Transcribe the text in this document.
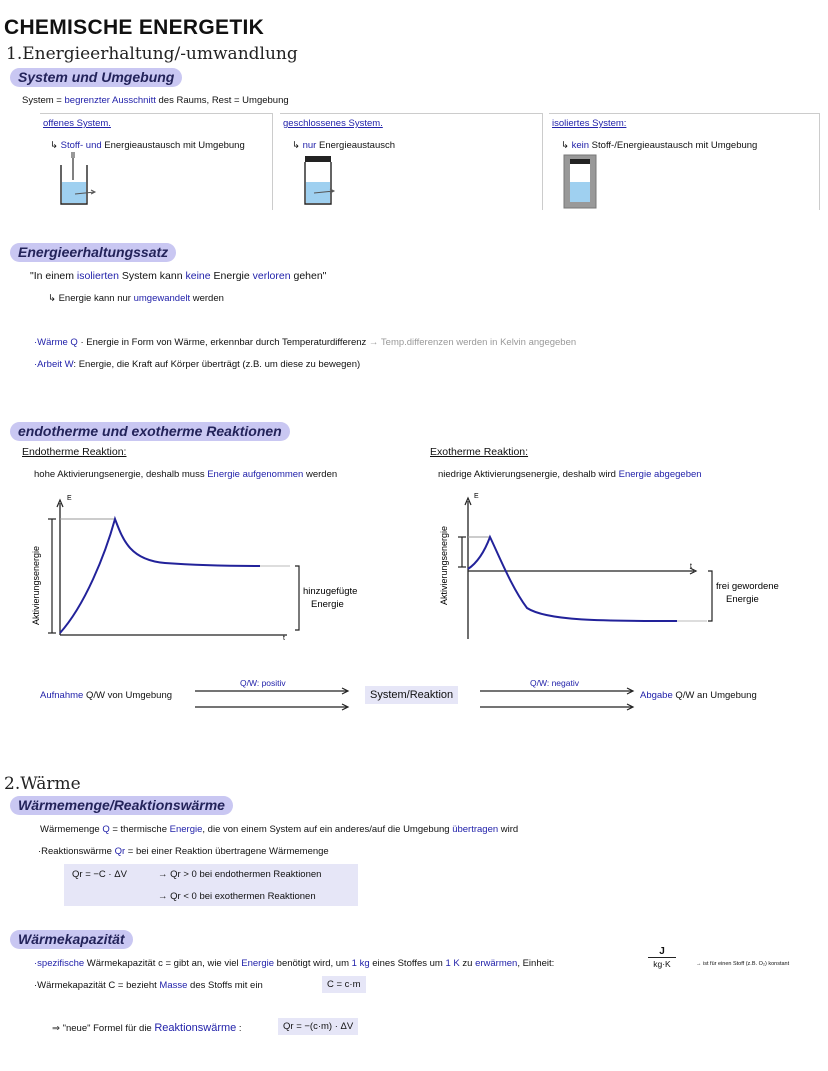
CHEMISCHE ENERGETIK
1.Energieerhaltung/-umwandlung
System und Umgebung
System = begrenzter Ausschnitt des Raums, Rest = Umgebung
offenes System.
↳ Stoff- und Energieaustausch mit Umgebung
geschlossenes System.
↳ nur Energieaustausch
isoliertes System:
↳ kein Stoff-/Energieaustausch mit Umgebung
Energieerhaltungssatz
"In einem isolierten System kann keine Energie verloren gehen"
↳ Energie kann nur umgewandelt werden
·Wärme Q · Energie in Form von Wärme, erkennbar durch Temperaturdifferenz → Temp.differenzen werden in Kelvin angegeben
·Arbeit W: Energie, die Kraft auf Körper überträgt (z.B. um diese zu bewegen)
endotherme und exotherme Reaktionen
Endotherme Reaktion:
hohe Aktivierungsenergie, deshalb muss Energie aufgenommen werden
Exotherme Reaktion:
niedrige Aktivierungsenergie, deshalb wird Energie abgegeben
E
t
Aktivierungsenergie	hinzugefügte
Energie
E
t
Aktivierungsenergie	frei gewordene
Energie
Aufnahme Q/W von Umgebung
Q/W: positiv
System/Reaktion
Q/W: negativ
Abgabe Q/W an Umgebung
2.Wärme
Wärmemenge/Reaktionswärme
Wärmemenge Q = thermische Energie, die von einem System auf ein anderes/auf die Umgebung übertragen wird
·Reaktionswärme Qr = bei einer Reaktion übertragene Wärmemenge
Qr = −C · ΔV	→ Qr > 0 bei endothermen Reaktionen
→ Qr < 0 bei exothermen Reaktionen
Wärmekapazität
·spezifische Wärmekapazität c = gibt an, wie viel Energie benötigt wird, um 1 kg eines Stoffes um 1 K zu erwärmen, Einheit:	$\frac{J}{kg\cdot K}$	→ ist für einen Stoff (z.B. O₂) konstant
·Wärmekapazität C = bezieht Masse des Stoffs mit ein	C = c·m
⇒ "neue" Formel für die Reaktionswärme :	Qr = −(c·m) · ΔV
